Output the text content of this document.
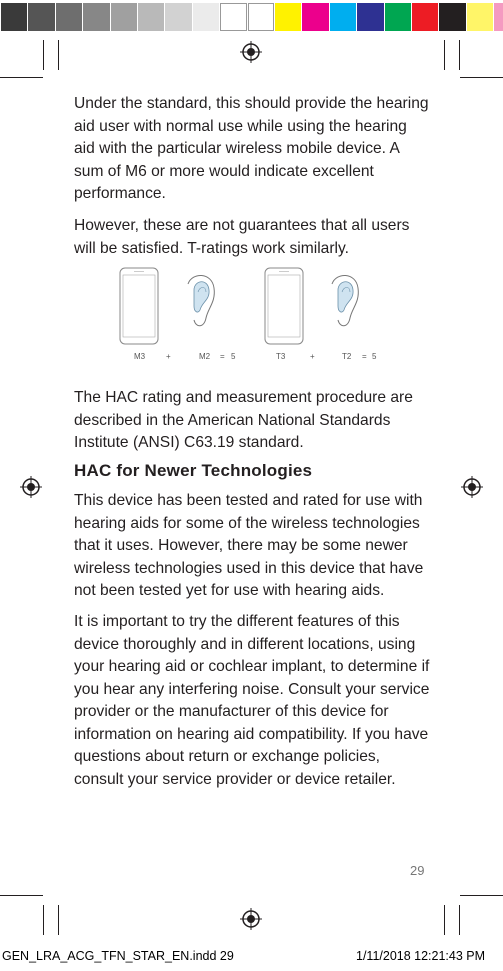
Under the standard, this should provide the hearing aid user with normal use while using the hearing aid with the particular wireless mobile device. A sum of M6 or more would indicate excellent performance.

However, these are not guarantees that all users will be satisfied. T-ratings work similarly.

M3	+	M2 = 5	T3	+	T2 = 5

The HAC rating and measurement procedure are described in the American National Standards Institute (ANSI) C63.19 standard.

HAC for Newer Technologies

This device has been tested and rated for use with hearing aids for some of the wireless technologies that it uses. However, there may be some newer wireless technologies used in this device that have not been tested yet for use with hearing aids.

It is important to try the different features of this device thoroughly and in different locations, using your hearing aid or cochlear implant, to determine if you hear any interfering noise. Consult your service provider or the manufacturer of this device for information on hearing aid compatibility. If you have questions about return or exchange policies, consult your service provider or device retailer.

29
GEN_LRA_ACG_TFN_STAR_EN.indd 29	1/11/2018 12:21:43 PM
